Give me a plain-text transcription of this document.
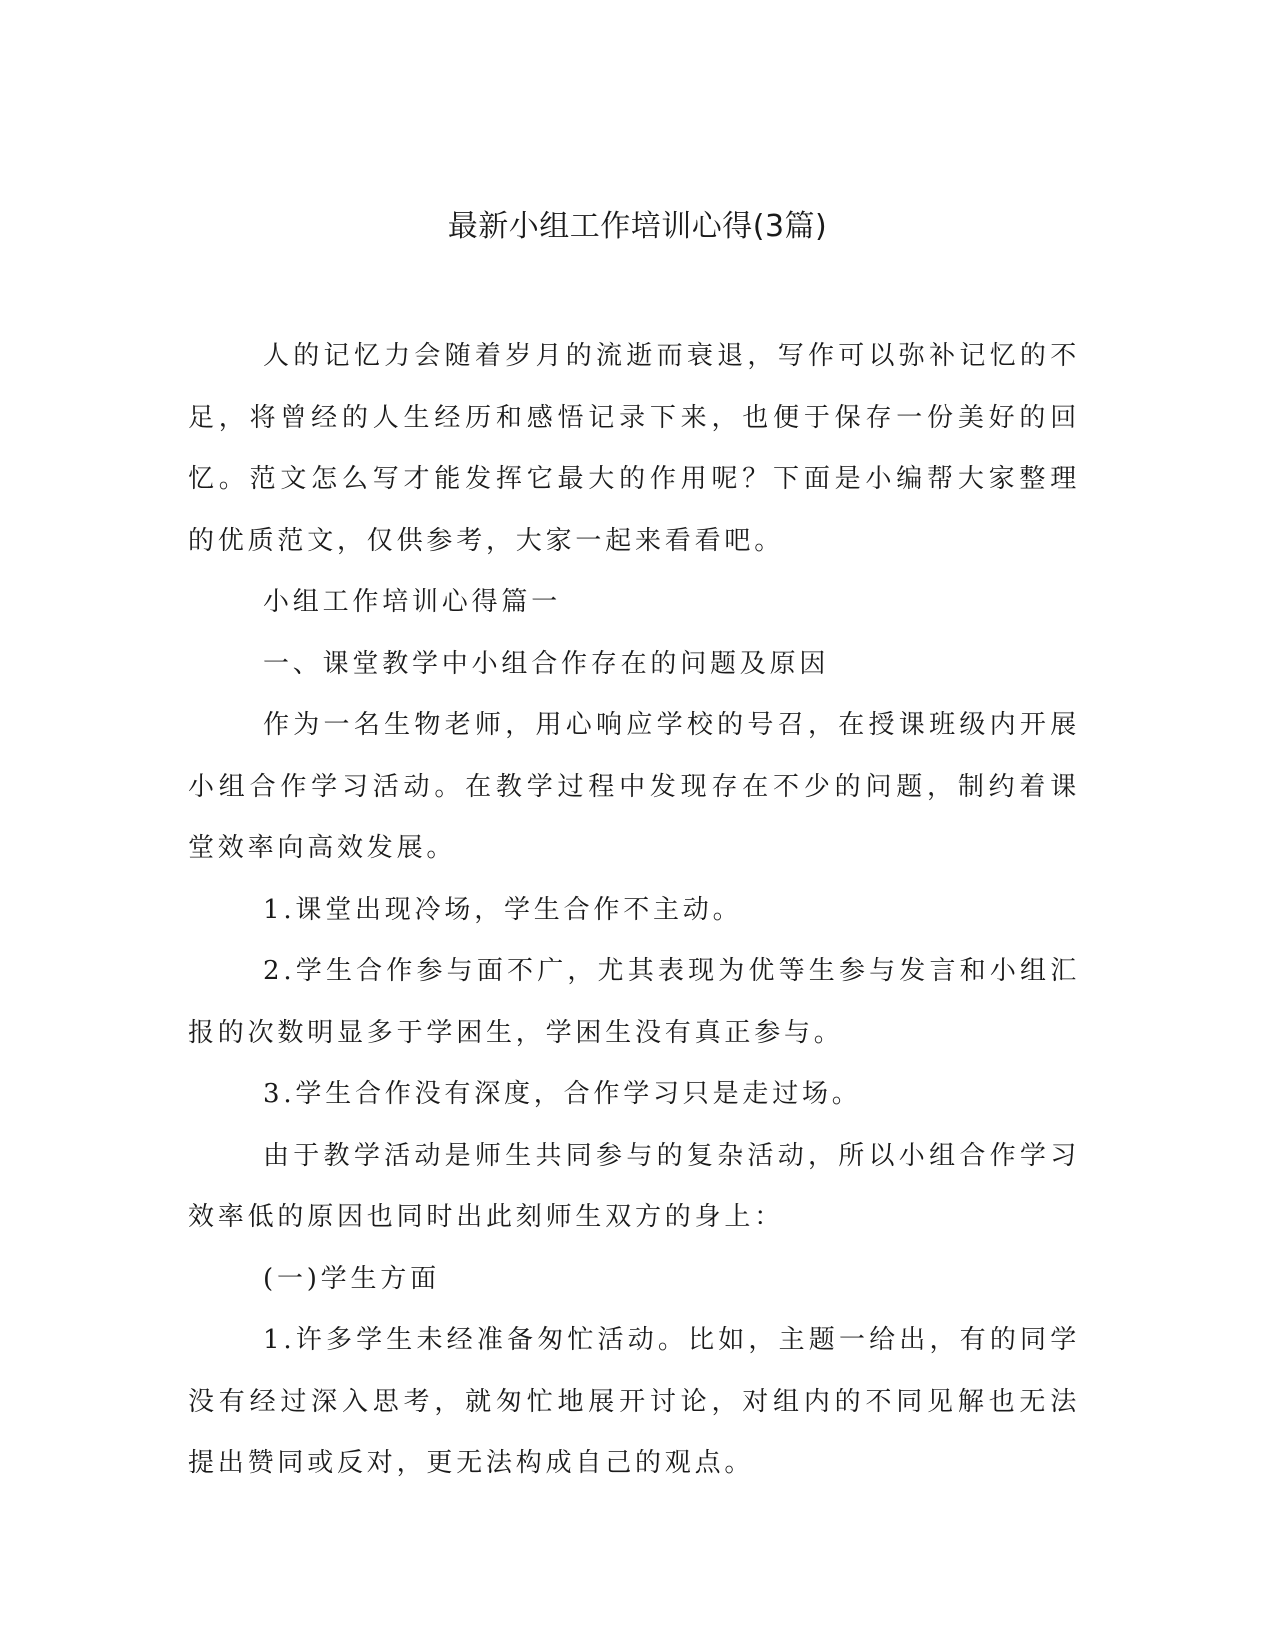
最新小组工作培训心得(3篇)

人的记忆力会随着岁月的流逝而衰退，写作可以弥补记忆的不足，将曾经的人生经历和感悟记录下来，也便于保存一份美好的回忆。范文怎么写才能发挥它最大的作用呢？下面是小编帮大家整理的优质范文，仅供参考，大家一起来看看吧。

小组工作培训心得篇一

一、课堂教学中小组合作存在的问题及原因

作为一名生物老师，用心响应学校的号召，在授课班级内开展小组合作学习活动。在教学过程中发现存在不少的问题，制约着课堂效率向高效发展。

1.课堂出现冷场，学生合作不主动。

2.学生合作参与面不广，尤其表现为优等生参与发言和小组汇报的次数明显多于学困生，学困生没有真正参与。

3.学生合作没有深度，合作学习只是走过场。

由于教学活动是师生共同参与的复杂活动，所以小组合作学习效率低的原因也同时出此刻师生双方的身上：

(一)学生方面

1.许多学生未经准备匆忙活动。比如，主题一给出，有的同学没有经过深入思考，就匆忙地展开讨论，对组内的不同见解也无法提出赞同或反对，更无法构成自己的观点。
